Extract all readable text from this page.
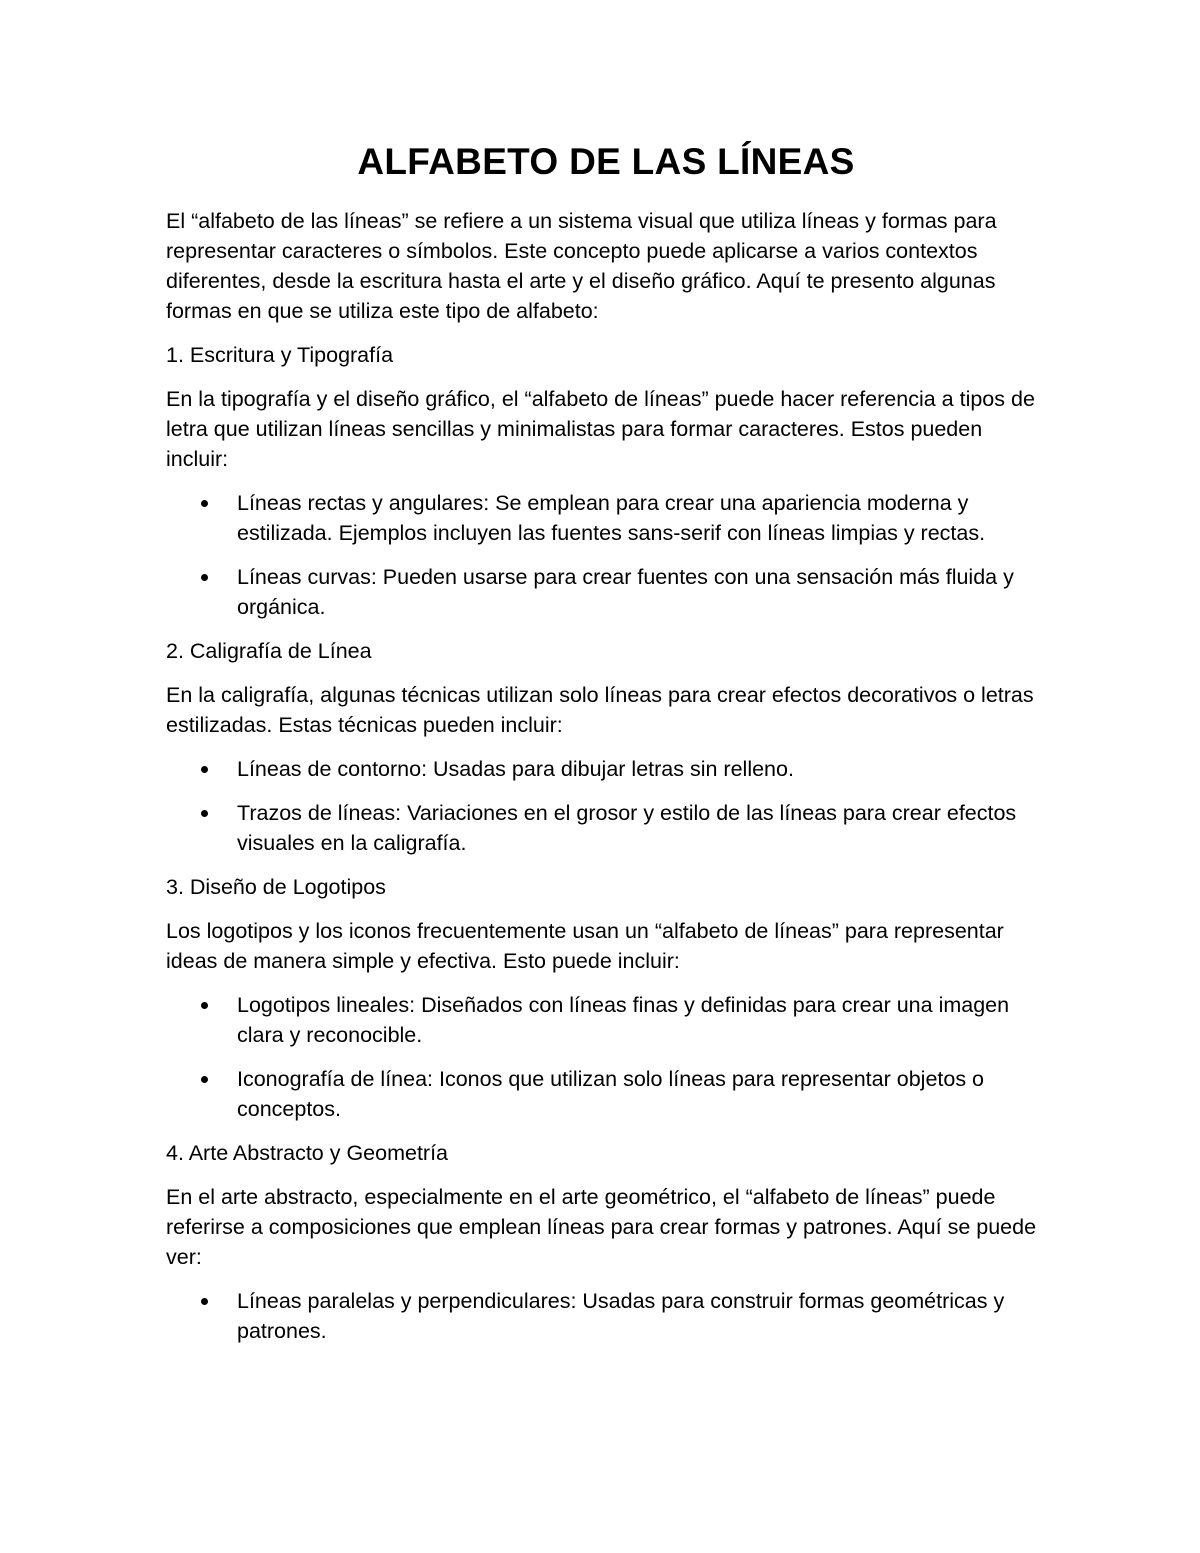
ALFABETO DE LAS LÍNEAS

El “alfabeto de las líneas” se refiere a un sistema visual que utiliza líneas y formas para representar caracteres o símbolos. Este concepto puede aplicarse a varios contextos diferentes, desde la escritura hasta el arte y el diseño gráfico. Aquí te presento algunas formas en que se utiliza este tipo de alfabeto:

1. Escritura y Tipografía

En la tipografía y el diseño gráfico, el “alfabeto de líneas” puede hacer referencia a tipos de letra que utilizan líneas sencillas y minimalistas para formar caracteres. Estos pueden incluir:

Líneas rectas y angulares: Se emplean para crear una apariencia moderna y estilizada. Ejemplos incluyen las fuentes sans-serif con líneas limpias y rectas.
Líneas curvas: Pueden usarse para crear fuentes con una sensación más fluida y orgánica.
2. Caligrafía de Línea

En la caligrafía, algunas técnicas utilizan solo líneas para crear efectos decorativos o letras estilizadas. Estas técnicas pueden incluir:

Líneas de contorno: Usadas para dibujar letras sin relleno.
Trazos de líneas: Variaciones en el grosor y estilo de las líneas para crear efectos visuales en la caligrafía.
3. Diseño de Logotipos

Los logotipos y los iconos frecuentemente usan un “alfabeto de líneas” para representar ideas de manera simple y efectiva. Esto puede incluir:

Logotipos lineales: Diseñados con líneas finas y definidas para crear una imagen clara y reconocible.
Iconografía de línea: Iconos que utilizan solo líneas para representar objetos o conceptos.
4. Arte Abstracto y Geometría

En el arte abstracto, especialmente en el arte geométrico, el “alfabeto de líneas” puede referirse a composiciones que emplean líneas para crear formas y patrones. Aquí se puede ver:

Líneas paralelas y perpendiculares: Usadas para construir formas geométricas y patrones.
